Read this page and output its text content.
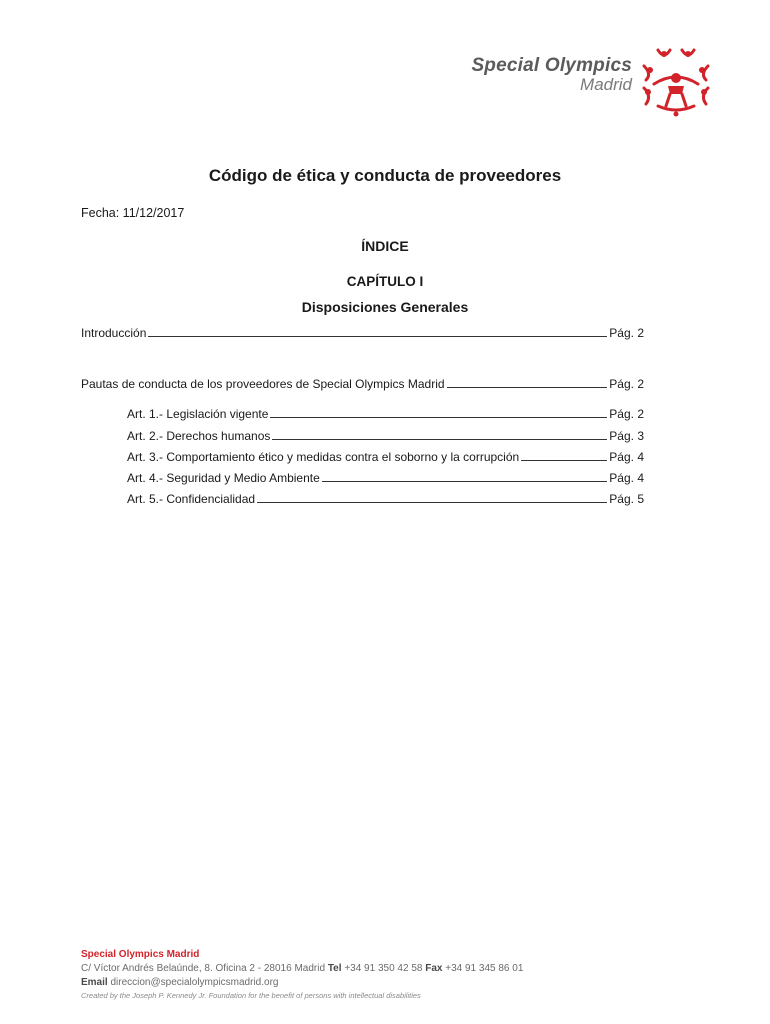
Special Olympics
Madrid
Código de ética y conducta de proveedores
Fecha: 11/12/2017
ÍNDICE
CAPÍTULO I
Disposiciones Generales
Introducción	Pág. 2
Pautas de conducta de los proveedores de Special Olympics Madrid	Pág. 2
Art. 1.- Legislación vigente	Pág. 2
Art. 2.- Derechos humanos	Pág. 3
Art. 3.- Comportamiento ético y medidas contra el soborno y la corrupción	Pág. 4
Art. 4.- Seguridad y Medio Ambiente	Pág. 4
Art. 5.- Confidencialidad	Pág. 5
Special Olympics Madrid
C/ Víctor Andrés Belaúnde, 8. Oficina 2 - 28016 Madrid Tel +34 91 350 42 58 Fax +34 91 345 86 01
Email direccion@specialolympicsmadrid.org
Created by the Joseph P. Kennedy Jr. Foundation for the benefit of persons with intellectual disabilities
